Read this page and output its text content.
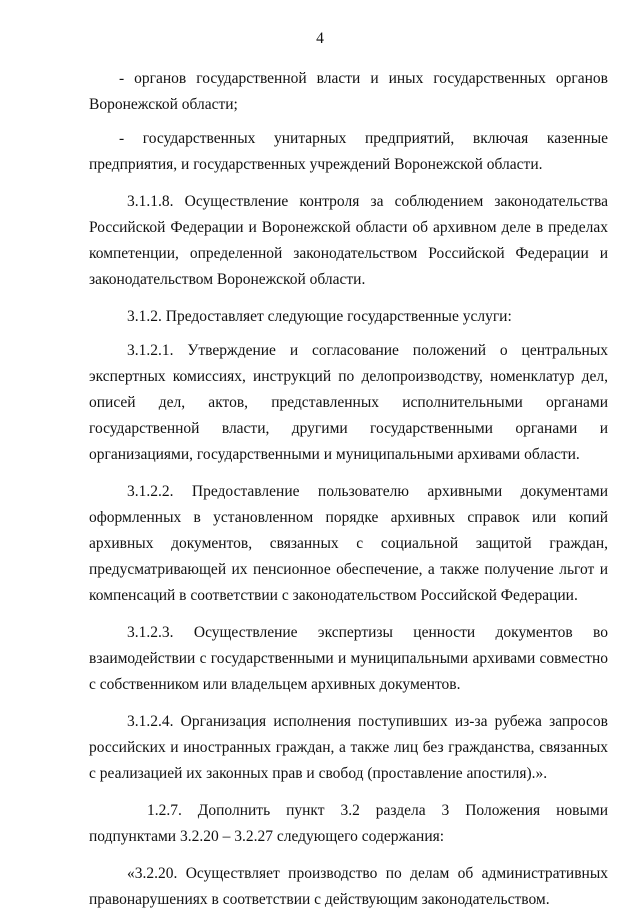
4

- органов государственной власти и иных государственных органов Воронежской области;

- государственных унитарных предприятий, включая казенные предприятия, и государственных учреждений Воронежской области.

3.1.1.8. Осуществление контроля за соблюдением законодательства Российской Федерации и Воронежской области об архивном деле в пределах компетенции, определенной законодательством Российской Федерации и законодательством Воронежской области.

3.1.2. Предоставляет следующие государственные услуги:

3.1.2.1. Утверждение и согласование положений о центральных экспертных комиссиях, инструкций по делопроизводству, номенклатур дел, описей дел, актов, представленных исполнительными органами государственной власти, другими государственными органами и организациями, государственными и муниципальными архивами области.

3.1.2.2. Предоставление пользователю архивными документами оформленных в установленном порядке архивных справок или копий архивных документов, связанных с социальной защитой граждан, предусматривающей их пенсионное обеспечение, а также получение льгот и компенсаций в соответствии с законодательством Российской Федерации.

3.1.2.3. Осуществление экспертизы ценности документов во взаимодействии с государственными и муниципальными архивами совместно с собственником или владельцем архивных документов.

3.1.2.4. Организация исполнения поступивших из-за рубежа запросов российских и иностранных граждан, а также лиц без гражданства, связанных с реализацией их законных прав и свобод (проставление апостиля).».

1.2.7. Дополнить пункт 3.2 раздела 3 Положения новыми подпунктами 3.2.20 – 3.2.27 следующего содержания:

«3.2.20. Осуществляет производство по делам об административных правонарушениях в соответствии с действующим законодательством.
